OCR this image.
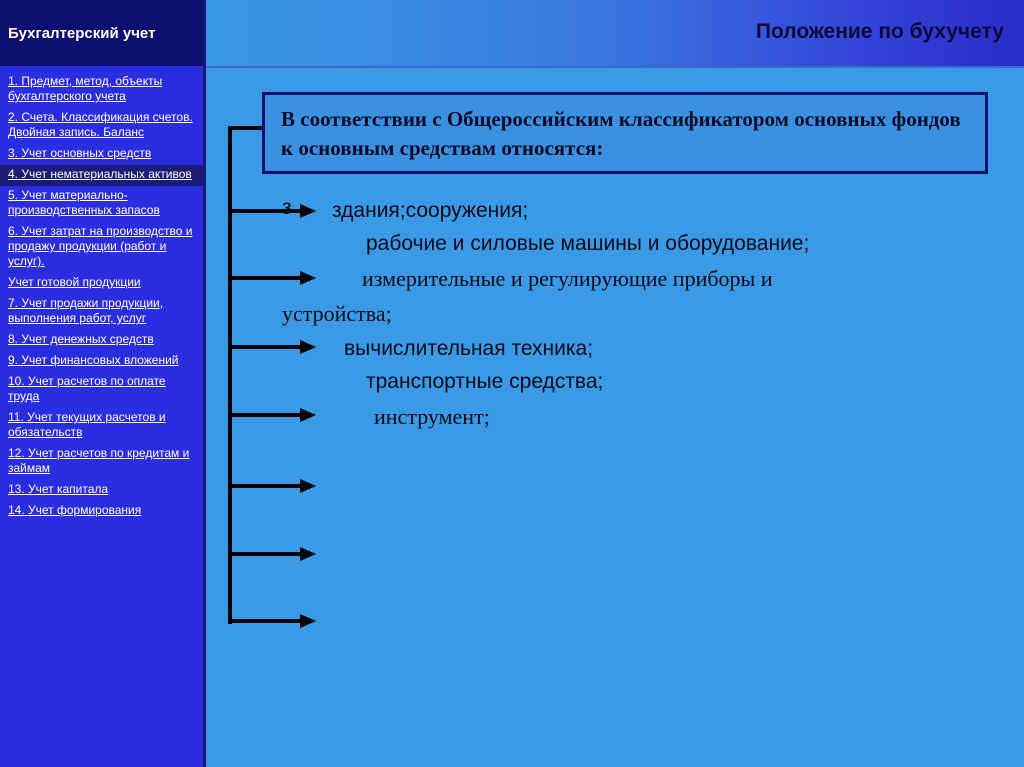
Бухгалтерский учет
1. Предмет, метод, объекты бухгалтерского учета
2. Счета. Классификация счетов. Двойная запись. Баланс
3. Учет основных средств
4. Учет нематериальных активов
5. Учет материально-производственных запасов
6. Учет затрат на производство и продажу продукции (работ и услуг).
Учет готовой продукции
7. Учет продажи продукции, выполнения работ, услуг
8. Учет денежных средств
9. Учет финансовых вложений
10. Учет расчетов по оплате труда
11. Учет текущих расчетов и обязательств
12. Учет расчетов по кредитам и займам
13. Учет капитала
14. Учет формирования
Положение по бухучету
В соответствии с Общероссийским классификатором основных фондов к основным средствам относятся:
з здания;сооружения;
рабочие и силовые машины и оборудование;
измерительные и регулирующие приборы и
устройства;
вычислительная техника;
транспортные средства;
инструмент;
